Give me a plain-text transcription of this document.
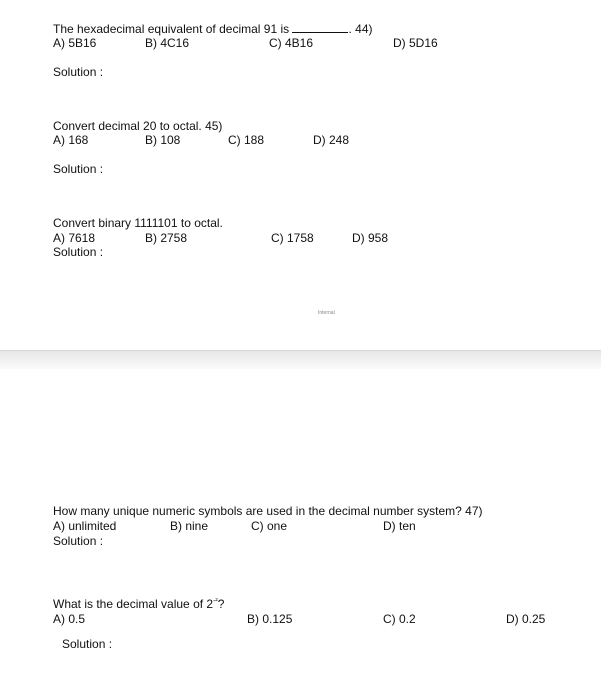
The hexadecimal equivalent of decimal 91 is	. 44)
A) 5B16	B) 4C16	C) 4B16	D) 5D16
Solution :
Convert decimal 20 to octal. 45)
A) 168	B) 108	C) 188	D) 248
Solution :
Convert binary 1111101 to octal.
A) 7618	B) 2758	C) 1758	D) 958
Solution :
Internal
How many unique numeric symbols are used in the decimal number system? 47)
A) unlimited	B) nine	C) one	D) ten
Solution :
What is the decimal value of $2^{-^2}$?
A) 0.5	B) 0.125	C) 0.2	D) 0.25
Solution :
